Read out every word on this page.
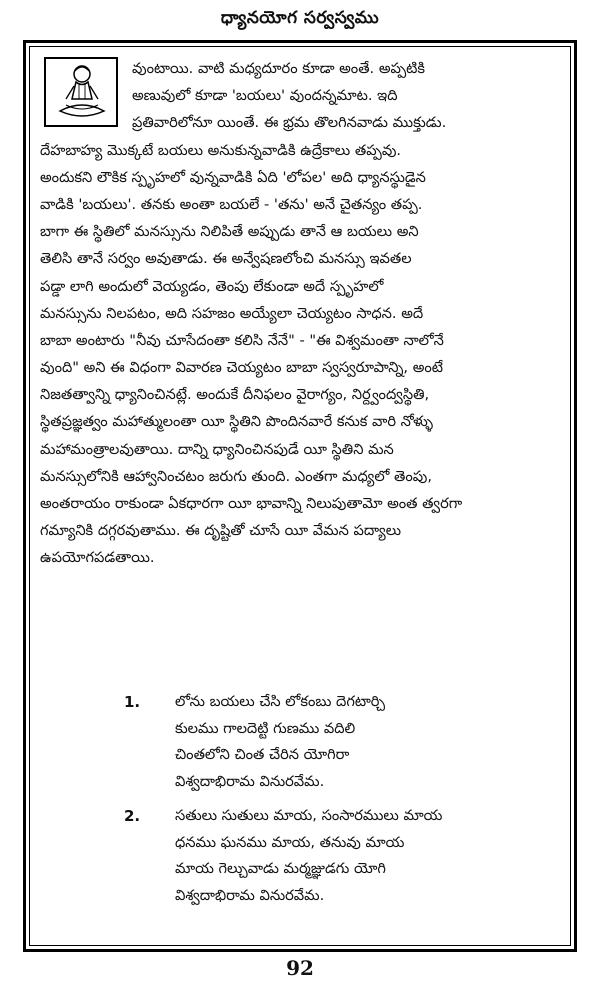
ధ్యానయోగ సర్వస్వము
వుంటాయి. వాటి మధ్యదూరం కూడా అంతే. అప్పటికి
అణువులో కూడా 'బయలు' వుందన్నమాట. ఇది
ప్రతివారిలోనూ యింతే. ఈ భ్రమ తొలగినవాడు ముక్తుడు.
దేహబాహ్య మొక్కటే బయలు అనుకున్నవాడికి ఉద్రేకాలు తప్పవు.
అందుకని లౌకిక స్పృహలో వున్నవాడికి ఏది 'లోపల' అది ధ్యానస్థుడైన
వాడికి 'బయలు'. తనకు అంతా బయలే - 'తను' అనే చైతన్యం తప్ప.
బాగా ఈ స్థితిలో మనస్సును నిలిపితే అప్పుడు తానే ఆ బయలు అని
తెలిసి తానే సర్వం అవుతాడు. ఈ అన్వేషణలోంచి మనస్సు ఇవతల
పడ్డా లాగి అందులో వెయ్యడం, తెంపు లేకుండా అదే స్పృహలో
మనస్సును నిలపటం, అది సహజం అయ్యేలా చెయ్యటం సాధన. అదే
బాబా అంటారు "నీవు చూసేదంతా కలిసి నేనే" - "ఈ విశ్వమంతా నాలోనే
వుంది" అని ఈ విధంగా వివారణ చెయ్యటం బాబా స్వస్వరూపాన్ని, అంటే
నిజతత్వాన్ని ధ్యానించినట్లే. అందుకే దీనిఫలం వైరాగ్యం, నిర్ద్వంద్వస్థితి,
స్థితప్రజ్ఞత్వం మహాత్ములంతా యీ స్థితిని పొందినవారే కనుక వారి నోళ్ళు
మహామంత్రాలవుతాయి. దాన్ని ధ్యానించినపుడే యీ స్థితిని మన
మనస్సులోనికి ఆహ్వానించటం జరుగు తుంది. ఎంతగా మధ్యలో తెంపు,
అంతరాయం రాకుండా ఏకధారగా యీ భావాన్ని నిలుపుతామో అంత త్వరగా
గమ్యానికి దగ్గరవుతాము. ఈ దృష్టితో చూసే యీ వేమన పద్యాలు
ఉపయోగపడతాయి.
1. లోను బయలు చేసి లోకంబు దెగటార్చి
కులము గాలదెట్టి గుణము వదిలి
చింతలోని చింత చేరిన యోగిరా
విశ్వదాభిరామ వినురవేమ.
2. సతులు సుతులు మాయ, సంసారములు మాయ
ధనము ఘనము మాయ, తనువు మాయ
మాయ గెల్చువాడు మర్మజ్ఞుడగు యోగి
విశ్వదాభిరామ వినురవేమ.
92
